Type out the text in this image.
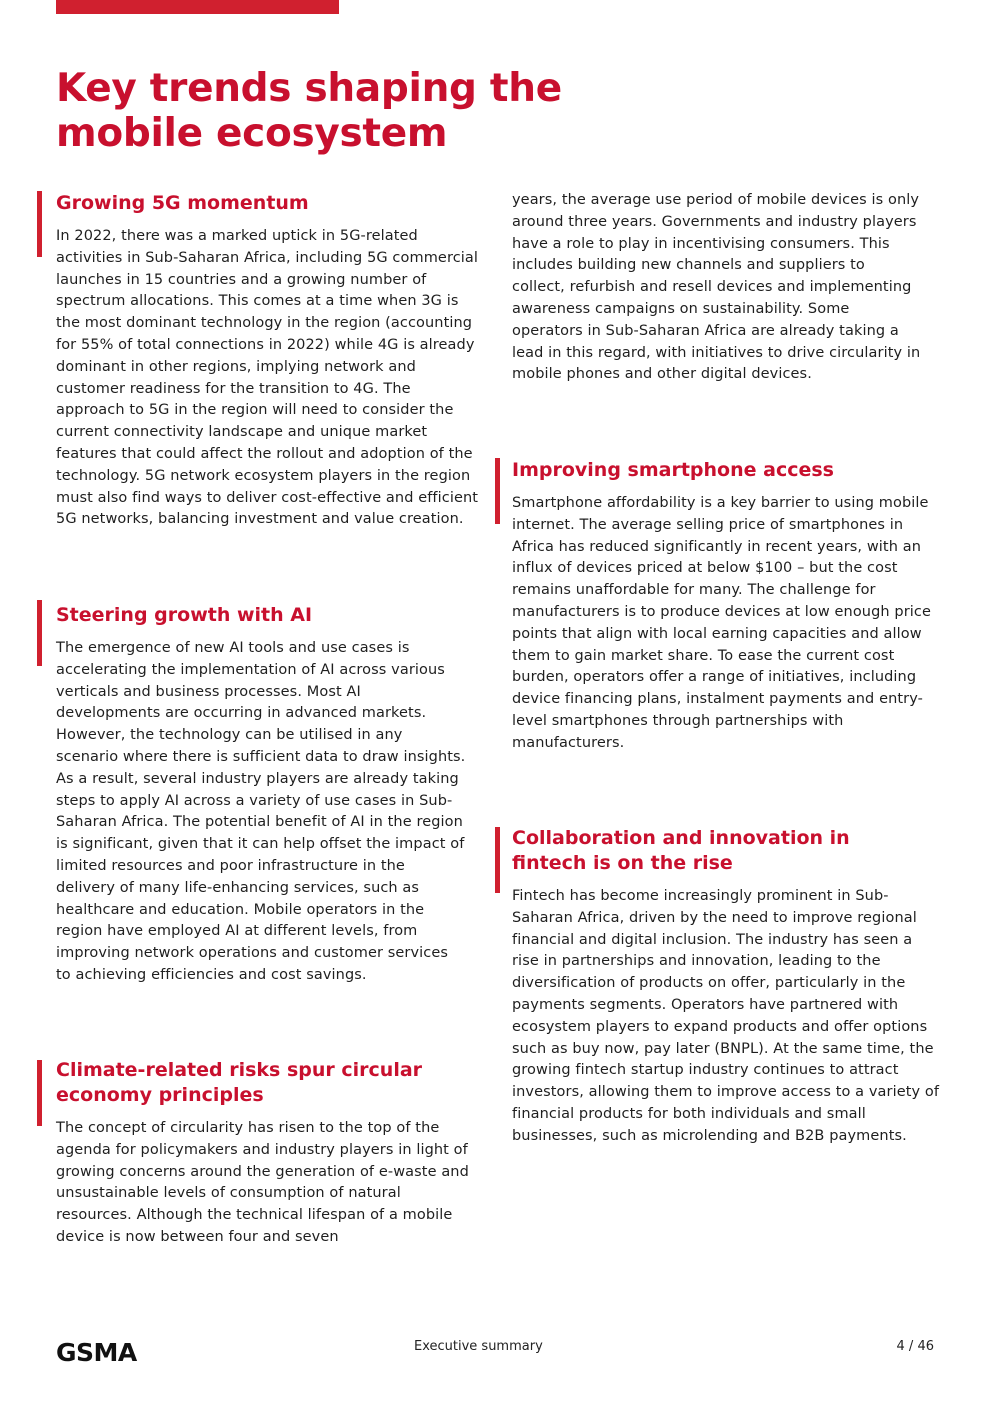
Key trends shaping the mobile ecosystem
Growing 5G momentum

In 2022, there was a marked uptick in 5G-related activities in Sub-Saharan Africa, including 5G commercial launches in 15 countries and a growing number of spectrum allocations. This comes at a time when 3G is the most dominant technology in the region (accounting for 55% of total connections in 2022) while 4G is already dominant in other regions, implying network and customer readiness for the transition to 4G. The approach to 5G in the region will need to consider the current connectivity landscape and unique market features that could affect the rollout and adoption of the technology. 5G network ecosystem players in the region must also find ways to deliver cost-effective and efficient 5G networks, balancing investment and value creation.

Steering growth with AI

The emergence of new AI tools and use cases is accelerating the implementation of AI across various verticals and business processes. Most AI developments are occurring in advanced markets. However, the technology can be utilised in any scenario where there is sufficient data to draw insights. As a result, several industry players are already taking steps to apply AI across a variety of use cases in Sub-Saharan Africa. The potential benefit of AI in the region is significant, given that it can help offset the impact of limited resources and poor infrastructure in the delivery of many life-enhancing services, such as healthcare and education. Mobile operators in the region have employed AI at different levels, from improving network operations and customer services to achieving efficiencies and cost savings.

Climate-related risks spur circular economy principles

The concept of circularity has risen to the top of the agenda for policymakers and industry players in light of growing concerns around the generation of e-waste and unsustainable levels of consumption of natural resources. Although the technical lifespan of a mobile device is now between four and seven

years, the average use period of mobile devices is only around three years. Governments and industry players have a role to play in incentivising consumers. This includes building new channels and suppliers to collect, refurbish and resell devices and implementing awareness campaigns on sustainability. Some operators in Sub-Saharan Africa are already taking a lead in this regard, with initiatives to drive circularity in mobile phones and other digital devices.

Improving smartphone access

Smartphone affordability is a key barrier to using mobile internet. The average selling price of smartphones in Africa has reduced significantly in recent years, with an influx of devices priced at below $100 – but the cost remains unaffordable for many. The challenge for manufacturers is to produce devices at low enough price points that align with local earning capacities and allow them to gain market share. To ease the current cost burden, operators offer a range of initiatives, including device financing plans, instalment payments and entry-level smartphones through partnerships with manufacturers.

Collaboration and innovation in fintech is on the rise

Fintech has become increasingly prominent in Sub-Saharan Africa, driven by the need to improve regional financial and digital inclusion. The industry has seen a rise in partnerships and innovation, leading to the diversification of products on offer, particularly in the payments segments. Operators have partnered with ecosystem players to expand products and offer options such as buy now, pay later (BNPL). At the same time, the growing fintech startup industry continues to attract investors, allowing them to improve access to a variety of financial products for both individuals and small businesses, such as microlending and B2B payments.

GSMA	Executive summary	4 / 46
